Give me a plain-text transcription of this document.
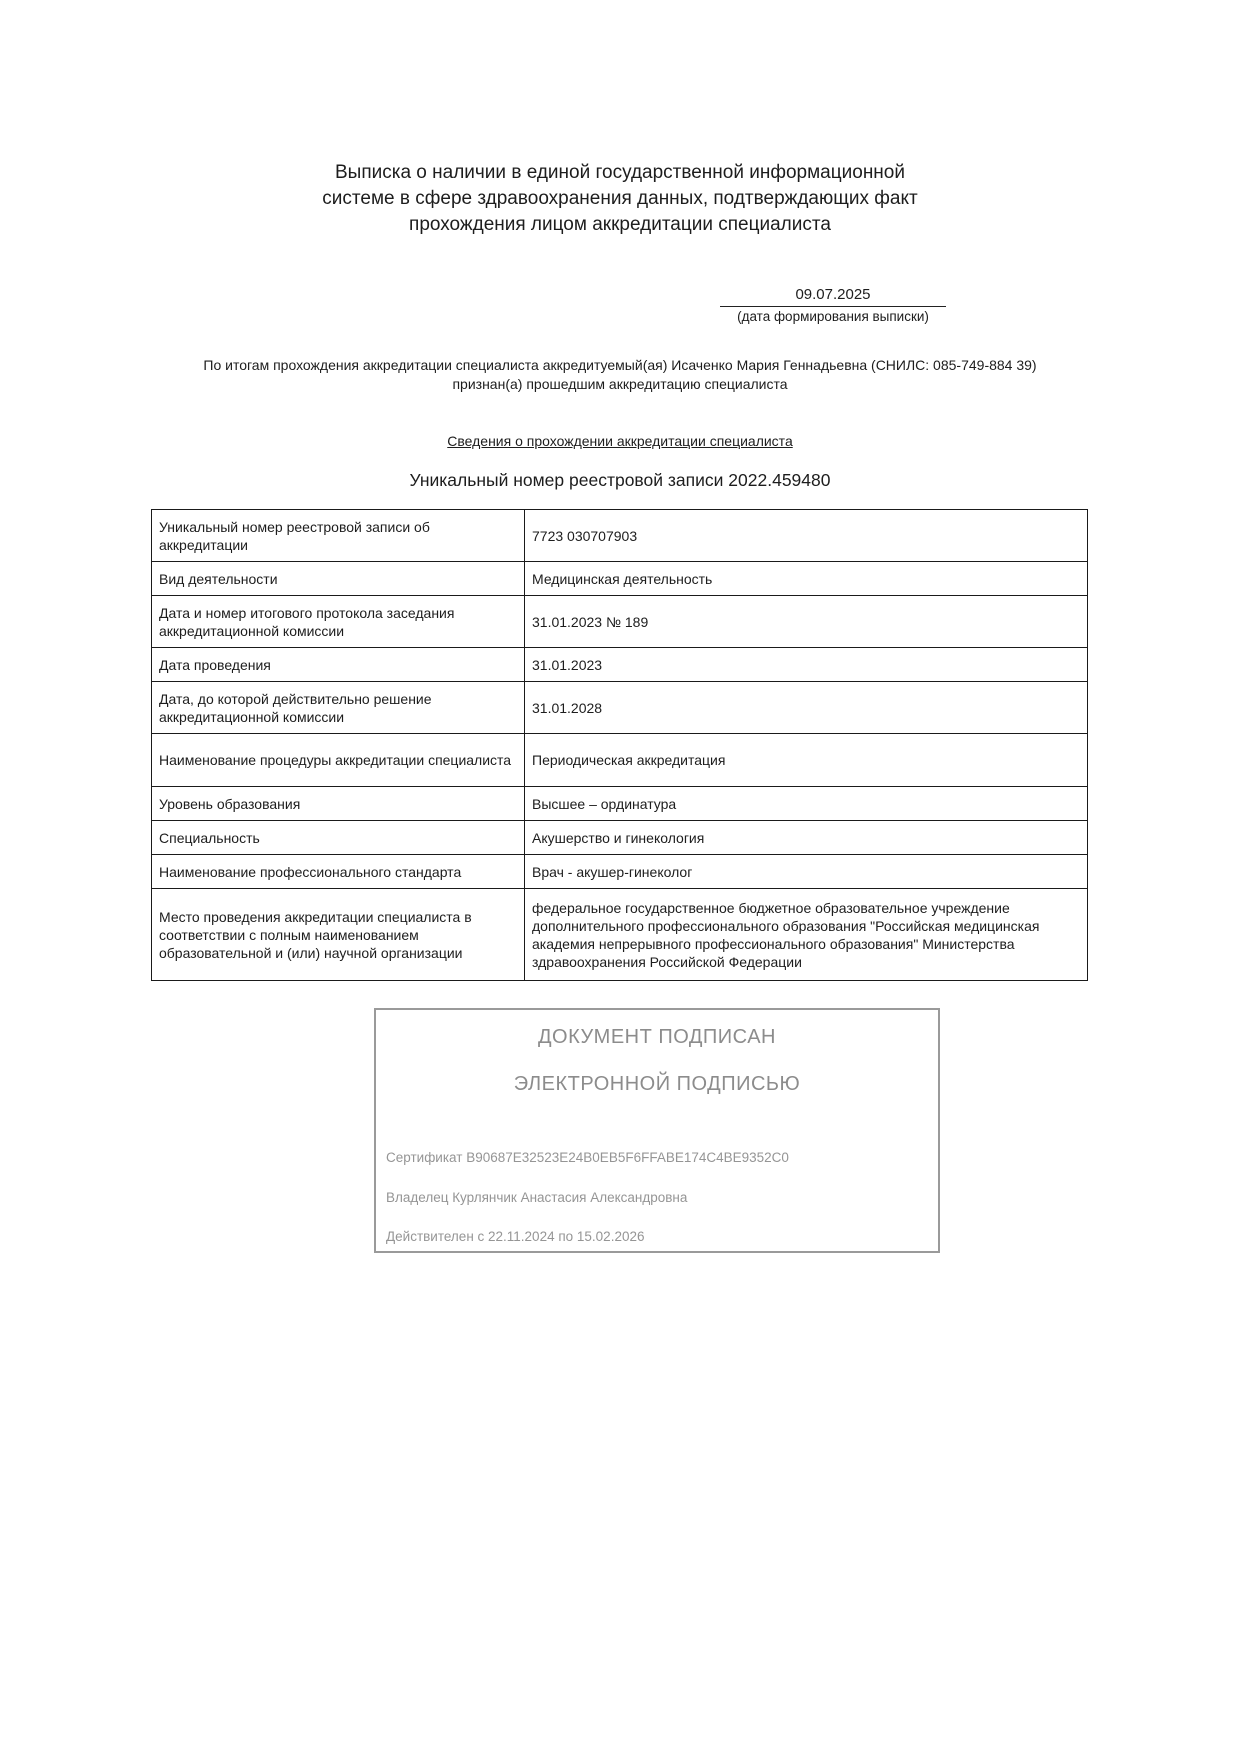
Выписка о наличии в единой государственной информационной
системе в сфере здравоохранения данных, подтверждающих факт
прохождения лицом аккредитации специалиста
09.07.2025
(дата формирования выписки)
По итогам прохождения аккредитации специалиста аккредитуемый(ая) Исаченко Мария Геннадьевна (СНИЛС: 085-749-884 39)
признан(а) прошедшим аккредитацию специалиста
Сведения о прохождении аккредитации специалиста
Уникальный номер реестровой записи 2022.459480
Уникальный номер реестровой записи об аккредитации	7723 030707903
Вид деятельности	Медицинская деятельность
Дата и номер итогового протокола заседания аккредитационной комиссии	31.01.2023 № 189
Дата проведения	31.01.2023
Дата, до которой действительно решение аккредитационной комиссии	31.01.2028
Наименование процедуры аккредитации специалиста	Периодическая аккредитация
Уровень образования	Высшее – ординатура
Специальность	Акушерство и гинекология
Наименование профессионального стандарта	Врач - акушер-гинеколог
Место проведения аккредитации специалиста в соответствии с полным наименованием образовательной и (или) научной организации	федеральное государственное бюджетное образовательное учреждение дополнительного профессионального образования "Российская медицинская академия непрерывного профессионального образования" Министерства здравоохранения Российской Федерации
ДОКУМЕНТ ПОДПИСАН
ЭЛЕКТРОННОЙ ПОДПИСЬЮ
Сертификат B90687E32523E24B0EB5F6FFABE174C4BE9352C0
Владелец Курлянчик Анастасия Александровна
Действителен с 22.11.2024 по 15.02.2026
